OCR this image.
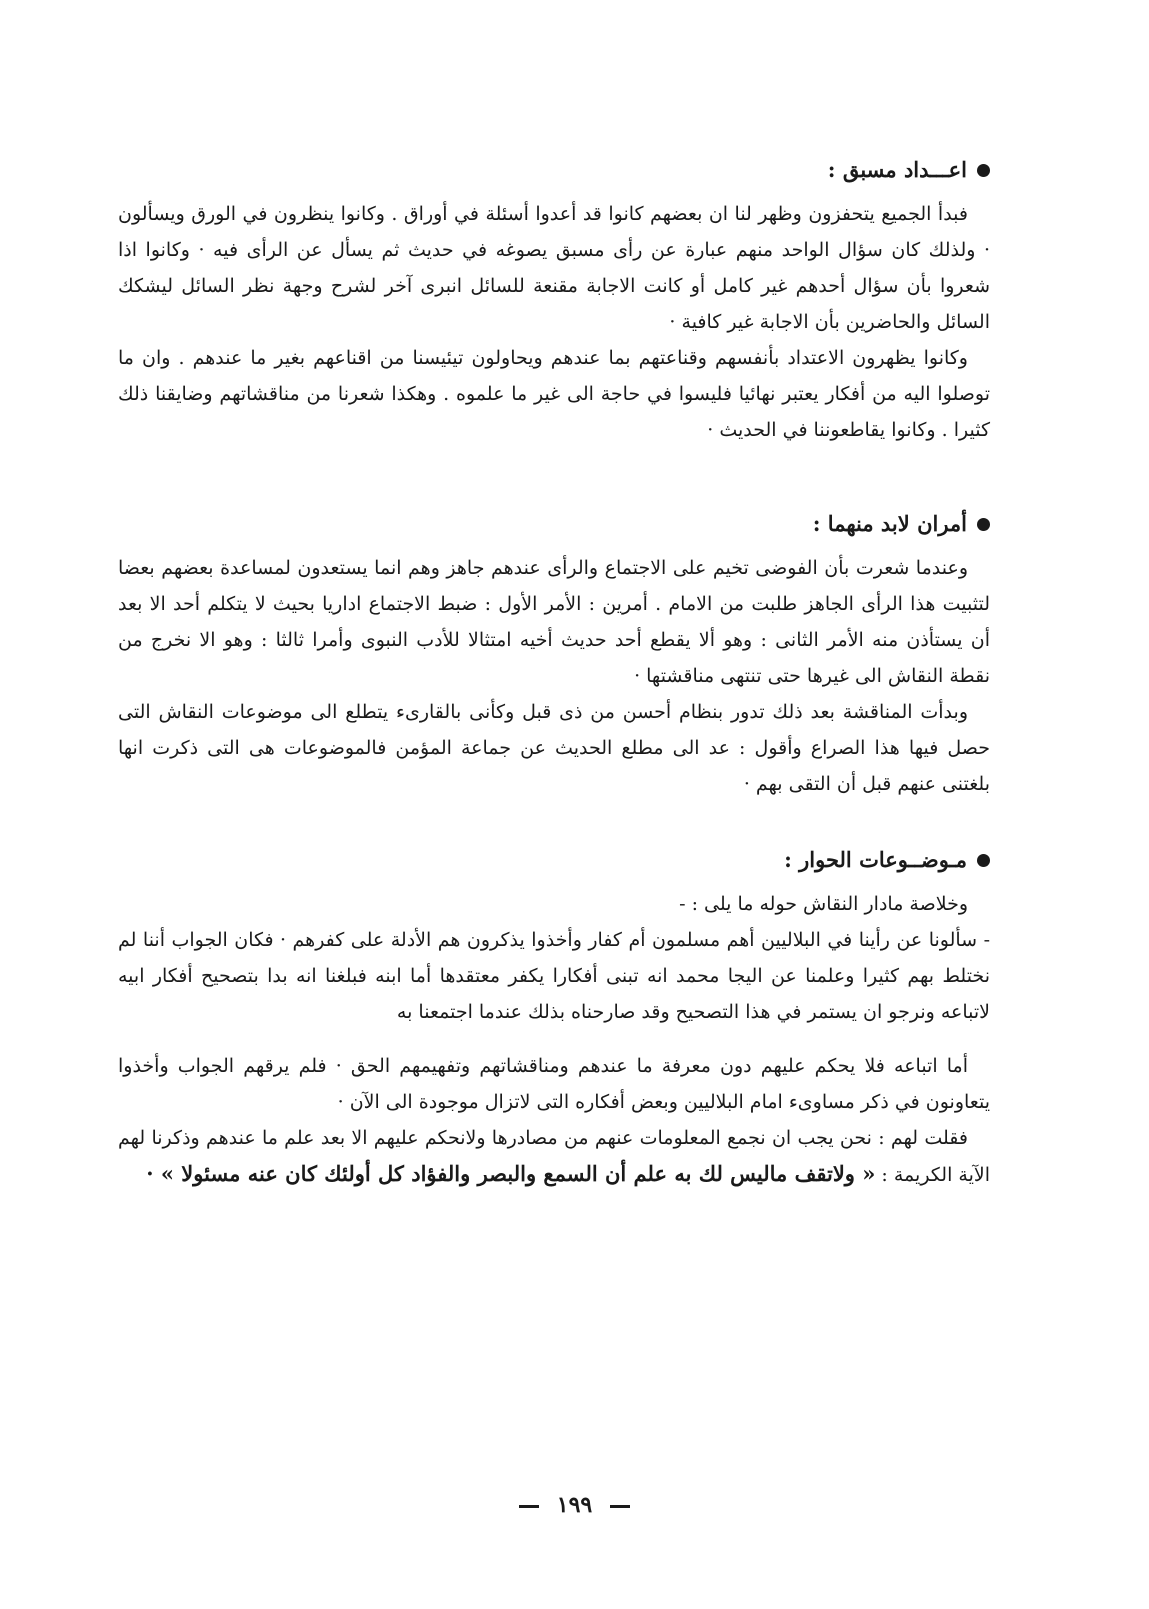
اعـــداد مسبق :

فبدأ الجميع يتحفزون وظهر لنا ان بعضهم كانوا قد أعدوا أسئلة في أوراق . وكانوا ينظرون في الورق ويسألون · ولذلك كان سؤال الواحد منهم عبارة عن رأى مسبق يصوغه في حديث ثم يسأل عن الرأى فيه · وكانوا اذا شعروا بأن سؤال أحدهم غير كامل أو كانت الاجابة مقنعة للسائل انبرى آخر لشرح وجهة نظر السائل ليشكك السائل والحاضرين بأن الاجابة غير كافية ·

وكانوا يظهرون الاعتداد بأنفسهم وقناعتهم بما عندهم ويحاولون تيئيسنا من اقناعهم بغير ما عندهم . وان ما توصلوا اليه من أفكار يعتبر نهائيا فليسوا في حاجة الى غير ما علموه . وهكذا شعرنا من مناقشاتهم وضايقنا ذلك كثيرا . وكانوا يقاطعوننا في الحديث ·

أمران لابد منهما :

وعندما شعرت بأن الفوضى تخيم على الاجتماع والرأى عندهم جاهز وهم انما يستعدون لمساعدة بعضهم بعضا لتثبيت هذا الرأى الجاهز طلبت من الامام . أمرين : الأمر الأول : ضبط الاجتماع اداريا بحيث لا يتكلم أحد الا بعد أن يستأذن منه الأمر الثانى : وهو ألا يقطع أحد حديث أخيه امتثالا للأدب النبوى وأمرا ثالثا : وهو الا نخرج من نقطة النقاش الى غيرها حتى تنتهى مناقشتها ·

وبدأت المناقشة بعد ذلك تدور بنظام أحسن من ذى قبل وكأنى بالقارىء يتطلع الى موضوعات النقاش التى حصل فيها هذا الصراع وأقول : عد الى مطلع الحديث عن جماعة المؤمن فالموضوعات هى التى ذكرت انها بلغتنى عنهم قبل أن التقى بهم ·

مـوضــوعات الحوار :

وخلاصة مادار النقاش حوله ما يلى : -

- سألونا عن رأينا في البلاليين أهم مسلمون أم كفار وأخذوا يذكرون هم الأدلة على كفرهم · فكان الجواب أننا لم نختلط بهم كثيرا وعلمنا عن اليجا محمد انه تبنى أفكارا يكفر معتقدها أما ابنه فبلغنا انه بدا بتصحيح أفكار ابيه لاتباعه ونرجو ان يستمر في هذا التصحيح وقد صارحناه بذلك عندما اجتمعنا به

أما اتباعه فلا يحكم عليهم دون معرفة ما عندهم ومناقشاتهم وتفهيمهم الحق · فلم يرقهم الجواب وأخذوا يتعاونون في ذكر مساوىء امام البلاليين وبعض أفكاره التى لاتزال موجودة الى الآن ·

فقلت لهم : نحن يجب ان نجمع المعلومات عنهم من مصادرها ولانحكم عليهم الا بعد علم ما عندهم وذكرنا لهم الآية الكريمة : « ولاتقف ماليس لك به علم أن السمع والبصر والفؤاد كل أولئك كان عنه مسئولا » ·

١٩٩
